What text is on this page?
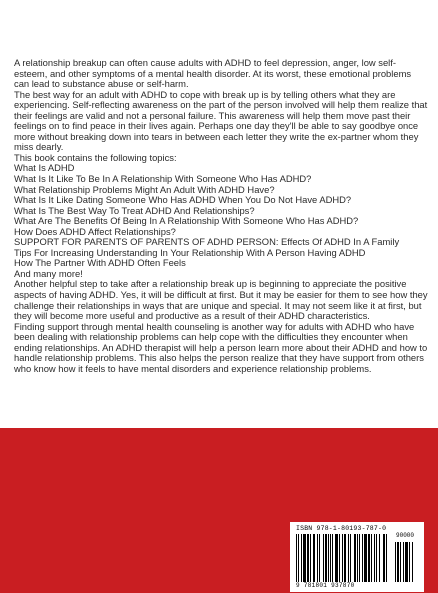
A relationship breakup can often cause adults with ADHD to feel depression, anger, low self-esteem, and other symptoms of a mental health disorder. At its worst, these emotional problems can lead to substance abuse or self-harm.

The best way for an adult with ADHD to cope with break up is by telling others what they are experiencing. Self-reflecting awareness on the part of the person involved will help them realize that their feelings are valid and not a personal failure. This awareness will help them move past their feelings on to find peace in their lives again. Perhaps one day they'll be able to say goodbye once more without breaking down into tears in between each letter they write the ex-partner whom they miss dearly.

This book contains the following topics:

What Is ADHD

What Is It Like To Be In A Relationship With Someone Who Has ADHD?

What Relationship Problems Might An Adult With ADHD Have?

What Is It Like Dating Someone Who Has ADHD When You Do Not Have ADHD?

What Is The Best Way To Treat ADHD And Relationships?

What Are The Benefits Of Being In A Relationship With Someone Who Has ADHD?

How Does ADHD Affect Relationships?

SUPPORT FOR PARENTS OF PARENTS OF ADHD PERSON: Effects Of ADHD In A Family

Tips For Increasing Understanding In Your Relationship With A Person Having ADHD

How The Partner With ADHD Often Feels

And many more!

Another helpful step to take after a relationship break up is beginning to appreciate the positive aspects of having ADHD. Yes, it will be difficult at first. But it may be easier for them to see how they challenge their relationships in ways that are unique and special. It may not seem like it at first, but they will become more useful and productive as a result of their ADHD characteristics.

Finding support through mental health counseling is another way for adults with ADHD who have been dealing with relationship problems can help cope with the difficulties they encounter when ending relationships. An ADHD therapist will help a person learn more about their ADHD and how to handle relationship problems. This also helps the person realize that they have support from others who know how it feels to have mental disorders and experience relationship problems.

ISBN 978-1-80193-787-0
90000
9 781801 937870
